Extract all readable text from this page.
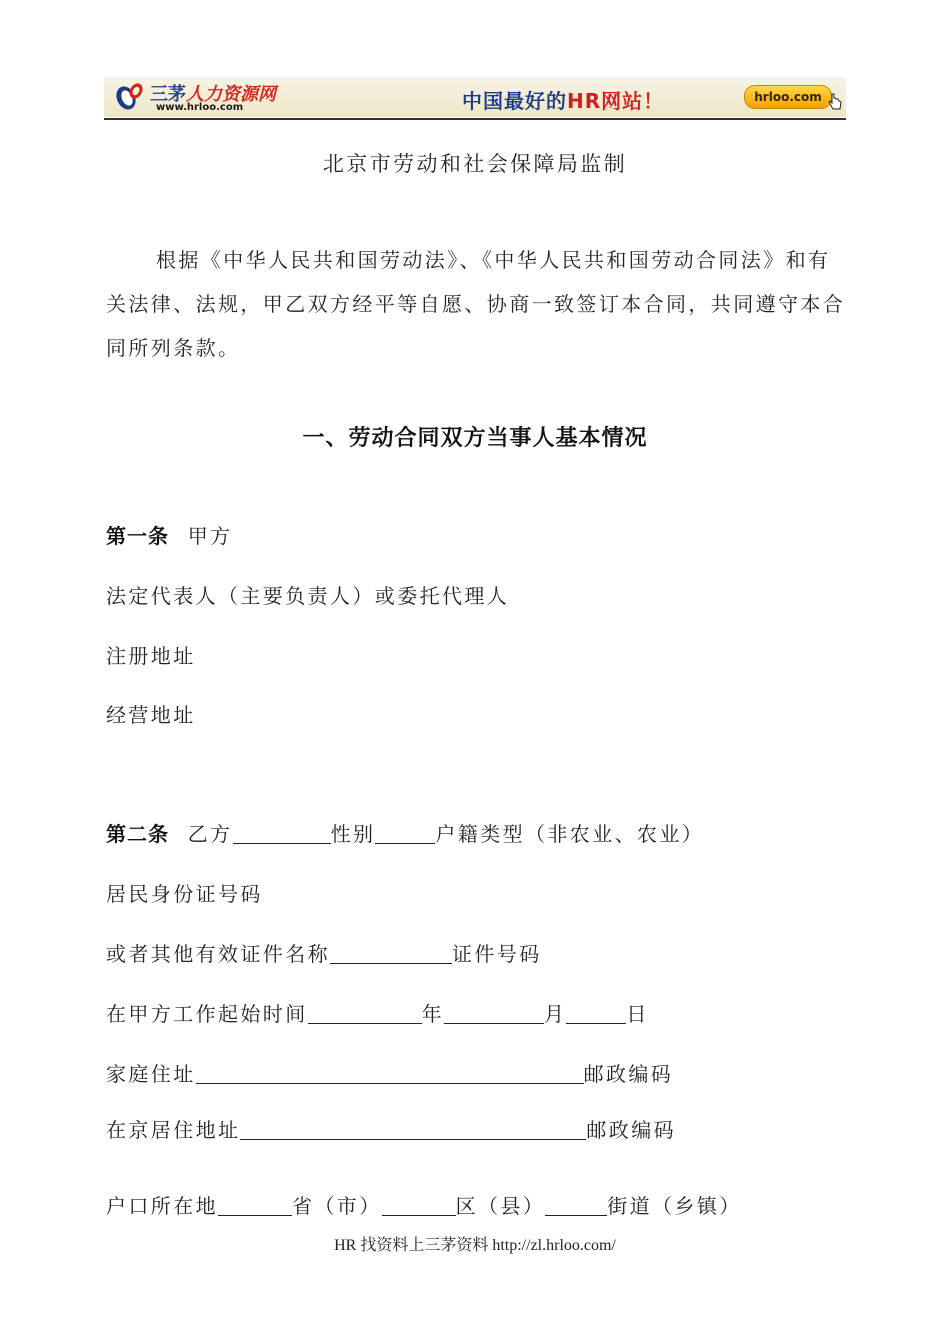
三茅人力资源网
www.hrloo.com	中国最好的HR网站！	hrloo.com
北京市劳动和社会保障局监制
根据《中华人民共和国劳动法》、《中华人民共和国劳动合同法》和有
关法律、法规，甲乙双方经平等自愿、协商一致签订本合同，共同遵守本合
同所列条款。
一、劳动合同双方当事人基本情况
第一条 甲方
法定代表人（主要负责人）或委托代理人
注册地址
经营地址
第二条 乙方	性别	户籍类型（非农业、农业）
居民身份证号码
或者其他有效证件名称	证件号码
在甲方工作起始时间	年	月	日
家庭住址	邮政编码
在京居住地址	邮政编码
户口所在地	省（市）	区（县）	街道（乡镇）
HR 找资料上三茅资料 http://zl.hrloo.com/
